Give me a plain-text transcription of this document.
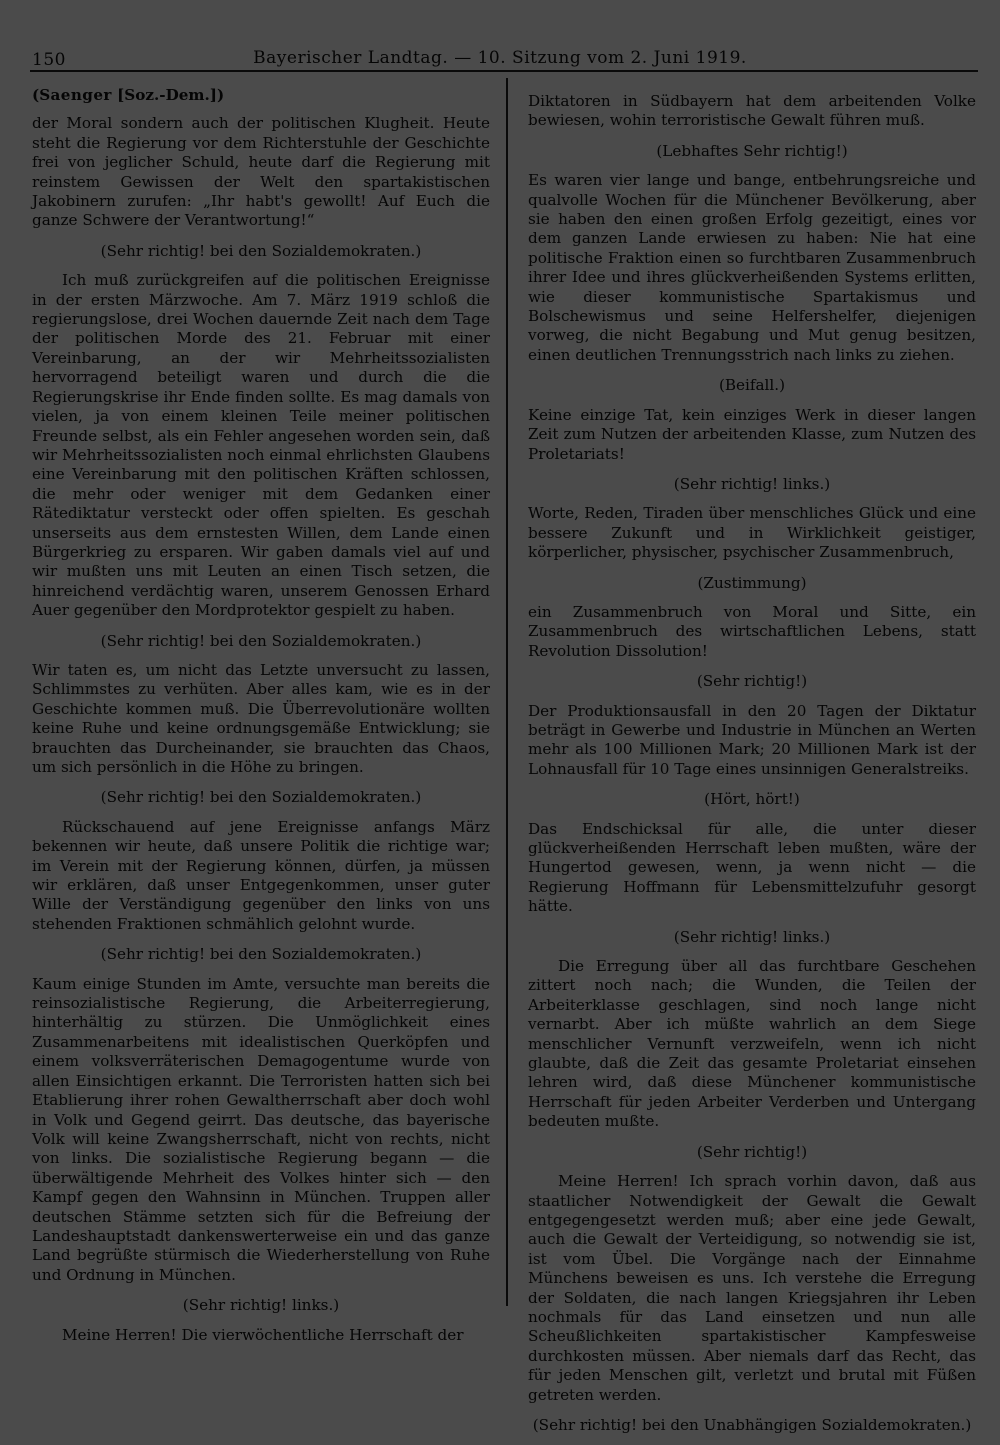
150	Bayerischer Landtag. — 10. Sitzung vom 2. Juni 1919.
(Saenger [Soz.-Dem.])

der Moral sondern auch der politischen Klugheit. Heute steht die Regierung vor dem Richterstuhle der Geschichte frei von jeglicher Schuld, heute darf die Regierung mit reinstem Gewissen der Welt den spartakistischen Jakobinern zurufen: „Ihr habt's gewollt! Auf Euch die ganze Schwere der Verantwortung!“

(Sehr richtig! bei den Sozialdemokraten.)

Ich muß zurückgreifen auf die politischen Ereignisse in der ersten Märzwoche. Am 7. März 1919 schloß die regierungslose, drei Wochen dauernde Zeit nach dem Tage der politischen Morde des 21. Februar mit einer Vereinbarung, an der wir Mehrheitssozialisten hervorragend beteiligt waren und durch die die Regierungskrise ihr Ende finden sollte. Es mag damals von vielen, ja von einem kleinen Teile meiner politischen Freunde selbst, als ein Fehler angesehen worden sein, daß wir Mehrheitssozialisten noch einmal ehrlichsten Glaubens eine Vereinbarung mit den politischen Kräften schlossen, die mehr oder weniger mit dem Gedanken einer Rätediktatur versteckt oder offen spielten. Es geschah unserseits aus dem ernstesten Willen, dem Lande einen Bürgerkrieg zu ersparen. Wir gaben damals viel auf und wir mußten uns mit Leuten an einen Tisch setzen, die hinreichend verdächtig waren, unserem Genossen Erhard Auer gegenüber den Mordprotektor gespielt zu haben.

(Sehr richtig! bei den Sozialdemokraten.)

Wir taten es, um nicht das Letzte unversucht zu lassen, Schlimmstes zu verhüten. Aber alles kam, wie es in der Geschichte kommen muß. Die Überrevolutionäre wollten keine Ruhe und keine ordnungsgemäße Entwicklung; sie brauchten das Durcheinander, sie brauchten das Chaos, um sich persönlich in die Höhe zu bringen.

(Sehr richtig! bei den Sozialdemokraten.)

Rückschauend auf jene Ereignisse anfangs März bekennen wir heute, daß unsere Politik die richtige war; im Verein mit der Regierung können, dürfen, ja müssen wir erklären, daß unser Entgegenkommen, unser guter Wille der Verständigung gegenüber den links von uns stehenden Fraktionen schmählich gelohnt wurde.

(Sehr richtig! bei den Sozialdemokraten.)

Kaum einige Stunden im Amte, versuchte man bereits die reinsozialistische Regierung, die Arbeiterregierung, hinterhältig zu stürzen. Die Unmöglichkeit eines Zusammenarbeitens mit idealistischen Querköpfen und einem volksverräterischen Demagogentume wurde von allen Einsichtigen erkannt. Die Terroristen hatten sich bei Etablierung ihrer rohen Gewaltherrschaft aber doch wohl in Volk und Gegend geirrt. Das deutsche, das bayerische Volk will keine Zwangsherrschaft, nicht von rechts, nicht von links. Die sozialistische Regierung begann — die überwältigende Mehrheit des Volkes hinter sich — den Kampf gegen den Wahnsinn in München. Truppen aller deutschen Stämme setzten sich für die Befreiung der Landeshauptstadt dankenswerterweise ein und das ganze Land begrüßte stürmisch die Wiederherstellung von Ruhe und Ordnung in München.

(Sehr richtig! links.)

Meine Herren! Die vierwöchentliche Herrschaft der

Diktatoren in Südbayern hat dem arbeitenden Volke bewiesen, wohin terroristische Gewalt führen muß.

(Lebhaftes Sehr richtig!)

Es waren vier lange und bange, entbehrungsreiche und qualvolle Wochen für die Münchener Bevölkerung, aber sie haben den einen großen Erfolg gezeitigt, eines vor dem ganzen Lande erwiesen zu haben: Nie hat eine politische Fraktion einen so furchtbaren Zusammenbruch ihrer Idee und ihres glückverheißenden Systems erlitten, wie dieser kommunistische Spartakismus und Bolschewismus und seine Helfershelfer, diejenigen vorweg, die nicht Begabung und Mut genug besitzen, einen deutlichen Trennungsstrich nach links zu ziehen.

(Beifall.)

Keine einzige Tat, kein einziges Werk in dieser langen Zeit zum Nutzen der arbeitenden Klasse, zum Nutzen des Proletariats!

(Sehr richtig! links.)

Worte, Reden, Tiraden über menschliches Glück und eine bessere Zukunft und in Wirklichkeit geistiger, körperlicher, physischer, psychischer Zusammenbruch,

(Zustimmung)

ein Zusammenbruch von Moral und Sitte, ein Zusammenbruch des wirtschaftlichen Lebens, statt Revolution Dissolution!

(Sehr richtig!)

Der Produktionsausfall in den 20 Tagen der Diktatur beträgt in Gewerbe und Industrie in München an Werten mehr als 100 Millionen Mark; 20 Millionen Mark ist der Lohnausfall für 10 Tage eines unsinnigen Generalstreiks.

(Hört, hört!)

Das Endschicksal für alle, die unter dieser glückverheißenden Herrschaft leben mußten, wäre der Hungertod gewesen, wenn, ja wenn nicht — die Regierung Hoffmann für Lebensmittelzufuhr gesorgt hätte.

(Sehr richtig! links.)

Die Erregung über all das furchtbare Geschehen zittert noch nach; die Wunden, die Teilen der Arbeiterklasse geschlagen, sind noch lange nicht vernarbt. Aber ich müßte wahrlich an dem Siege menschlicher Vernunft verzweifeln, wenn ich nicht glaubte, daß die Zeit das gesamte Proletariat einsehen lehren wird, daß diese Münchener kommunistische Herrschaft für jeden Arbeiter Verderben und Untergang bedeuten mußte.

(Sehr richtig!)

Meine Herren! Ich sprach vorhin davon, daß aus staatlicher Notwendigkeit der Gewalt die Gewalt entgegengesetzt werden muß; aber eine jede Gewalt, auch die Gewalt der Verteidigung, so notwendig sie ist, ist vom Übel. Die Vorgänge nach der Einnahme Münchens beweisen es uns. Ich verstehe die Erregung der Soldaten, die nach langen Kriegsjahren ihr Leben nochmals für das Land einsetzen und nun alle Scheußlichkeiten spartakistischer Kampfesweise durchkosten müssen. Aber niemals darf das Recht, das für jeden Menschen gilt, verletzt und brutal mit Füßen getreten werden.

(Sehr richtig! bei den Unabhängigen Sozialdemokraten.)
